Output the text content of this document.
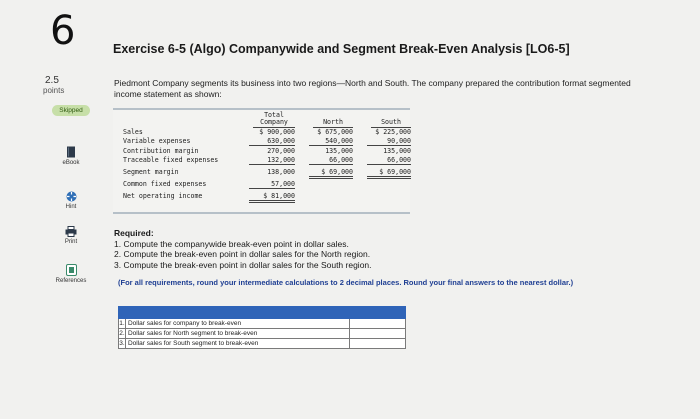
6	Exercise 6-5 (Algo) Companywide and Segment Break-Even Analysis [LO6-5]
2.5
points
Piedmont Company segments its business into two regions—North and South. The company prepared the contribution format segmented income statement as shown:
Skipped
eBook
Hint
Print
References
Total
Company	North	South
Sales	$ 900,000	$ 675,000	$ 225,000
Variable expenses	630,000	540,000	90,000
Contribution margin	270,000	135,000	135,000
Traceable fixed expenses	132,000	66,000	66,000
Segment margin	138,000	$ 69,000	$ 69,000
Common fixed expenses	57,000
Net operating income	$ 81,000
Required:
1. Compute the companywide break-even point in dollar sales.
2. Compute the break-even point in dollar sales for the North region.
3. Compute the break-even point in dollar sales for the South region.
(For all requirements, round your intermediate calculations to 2 decimal places. Round your final answers to the nearest dollar.)

1.	Dollar sales for company to break-even	
2.	Dollar sales for North segment to break-even	
3.	Dollar sales for South segment to break-even	
